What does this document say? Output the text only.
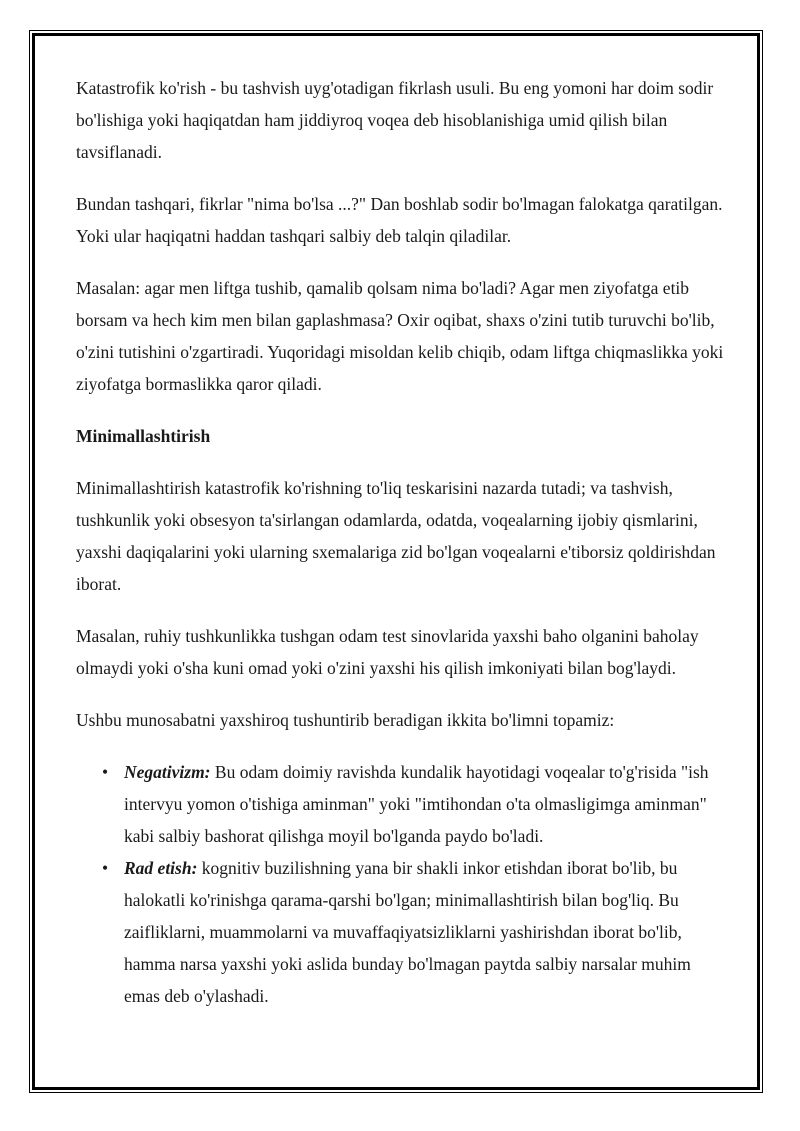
Katastrofik ko'rish - bu tashvish uyg'otadigan fikrlash usuli. Bu eng yomoni har doim sodir bo'lishiga yoki haqiqatdan ham jiddiyroq voqea deb hisoblanishiga umid qilish bilan tavsiflanadi.

Bundan tashqari, fikrlar "nima bo'lsa ...?" Dan boshlab sodir bo'lmagan falokatga qaratilgan. Yoki ular haqiqatni haddan tashqari salbiy deb talqin qiladilar.

Masalan: agar men liftga tushib, qamalib qolsam nima bo'ladi? Agar men ziyofatga etib borsam va hech kim men bilan gaplashmasa? Oxir oqibat, shaxs o'zini tutib turuvchi bo'lib, o'zini tutishini o'zgartiradi. Yuqoridagi misoldan kelib chiqib, odam liftga chiqmaslikka yoki ziyofatga bormaslikka qaror qiladi.

Minimallashtirish

Minimallashtirish katastrofik ko'rishning to'liq teskarisini nazarda tutadi; va tashvish, tushkunlik yoki obsesyon ta'sirlangan odamlarda, odatda, voqealarning ijobiy qismlarini, yaxshi daqiqalarini yoki ularning sxemalariga zid bo'lgan voqealarni e'tiborsiz qoldirishdan iborat.

Masalan, ruhiy tushkunlikka tushgan odam test sinovlarida yaxshi baho olganini baholay olmaydi yoki o'sha kuni omad yoki o'zini yaxshi his qilish imkoniyati bilan bog'laydi.

Ushbu munosabatni yaxshiroq tushuntirib beradigan ikkita bo'limni topamiz:

• Negativizm: Bu odam doimiy ravishda kundalik hayotidagi voqealar to'g'risida "ish intervyu yomon o'tishiga aminman" yoki "imtihondan o'ta olmasligimga aminman" kabi salbiy bashorat qilishga moyil bo'lganda paydo bo'ladi.
• Rad etish: kognitiv buzilishning yana bir shakli inkor etishdan iborat bo'lib, bu halokatli ko'rinishga qarama-qarshi bo'lgan; minimallashtirish bilan bog'liq. Bu zaifliklarni, muammolarni va muvaffaqiyatsizliklarni yashirishdan iborat bo'lib, hamma narsa yaxshi yoki aslida bunday bo'lmagan paytda salbiy narsalar muhim emas deb o'ylashadi.
